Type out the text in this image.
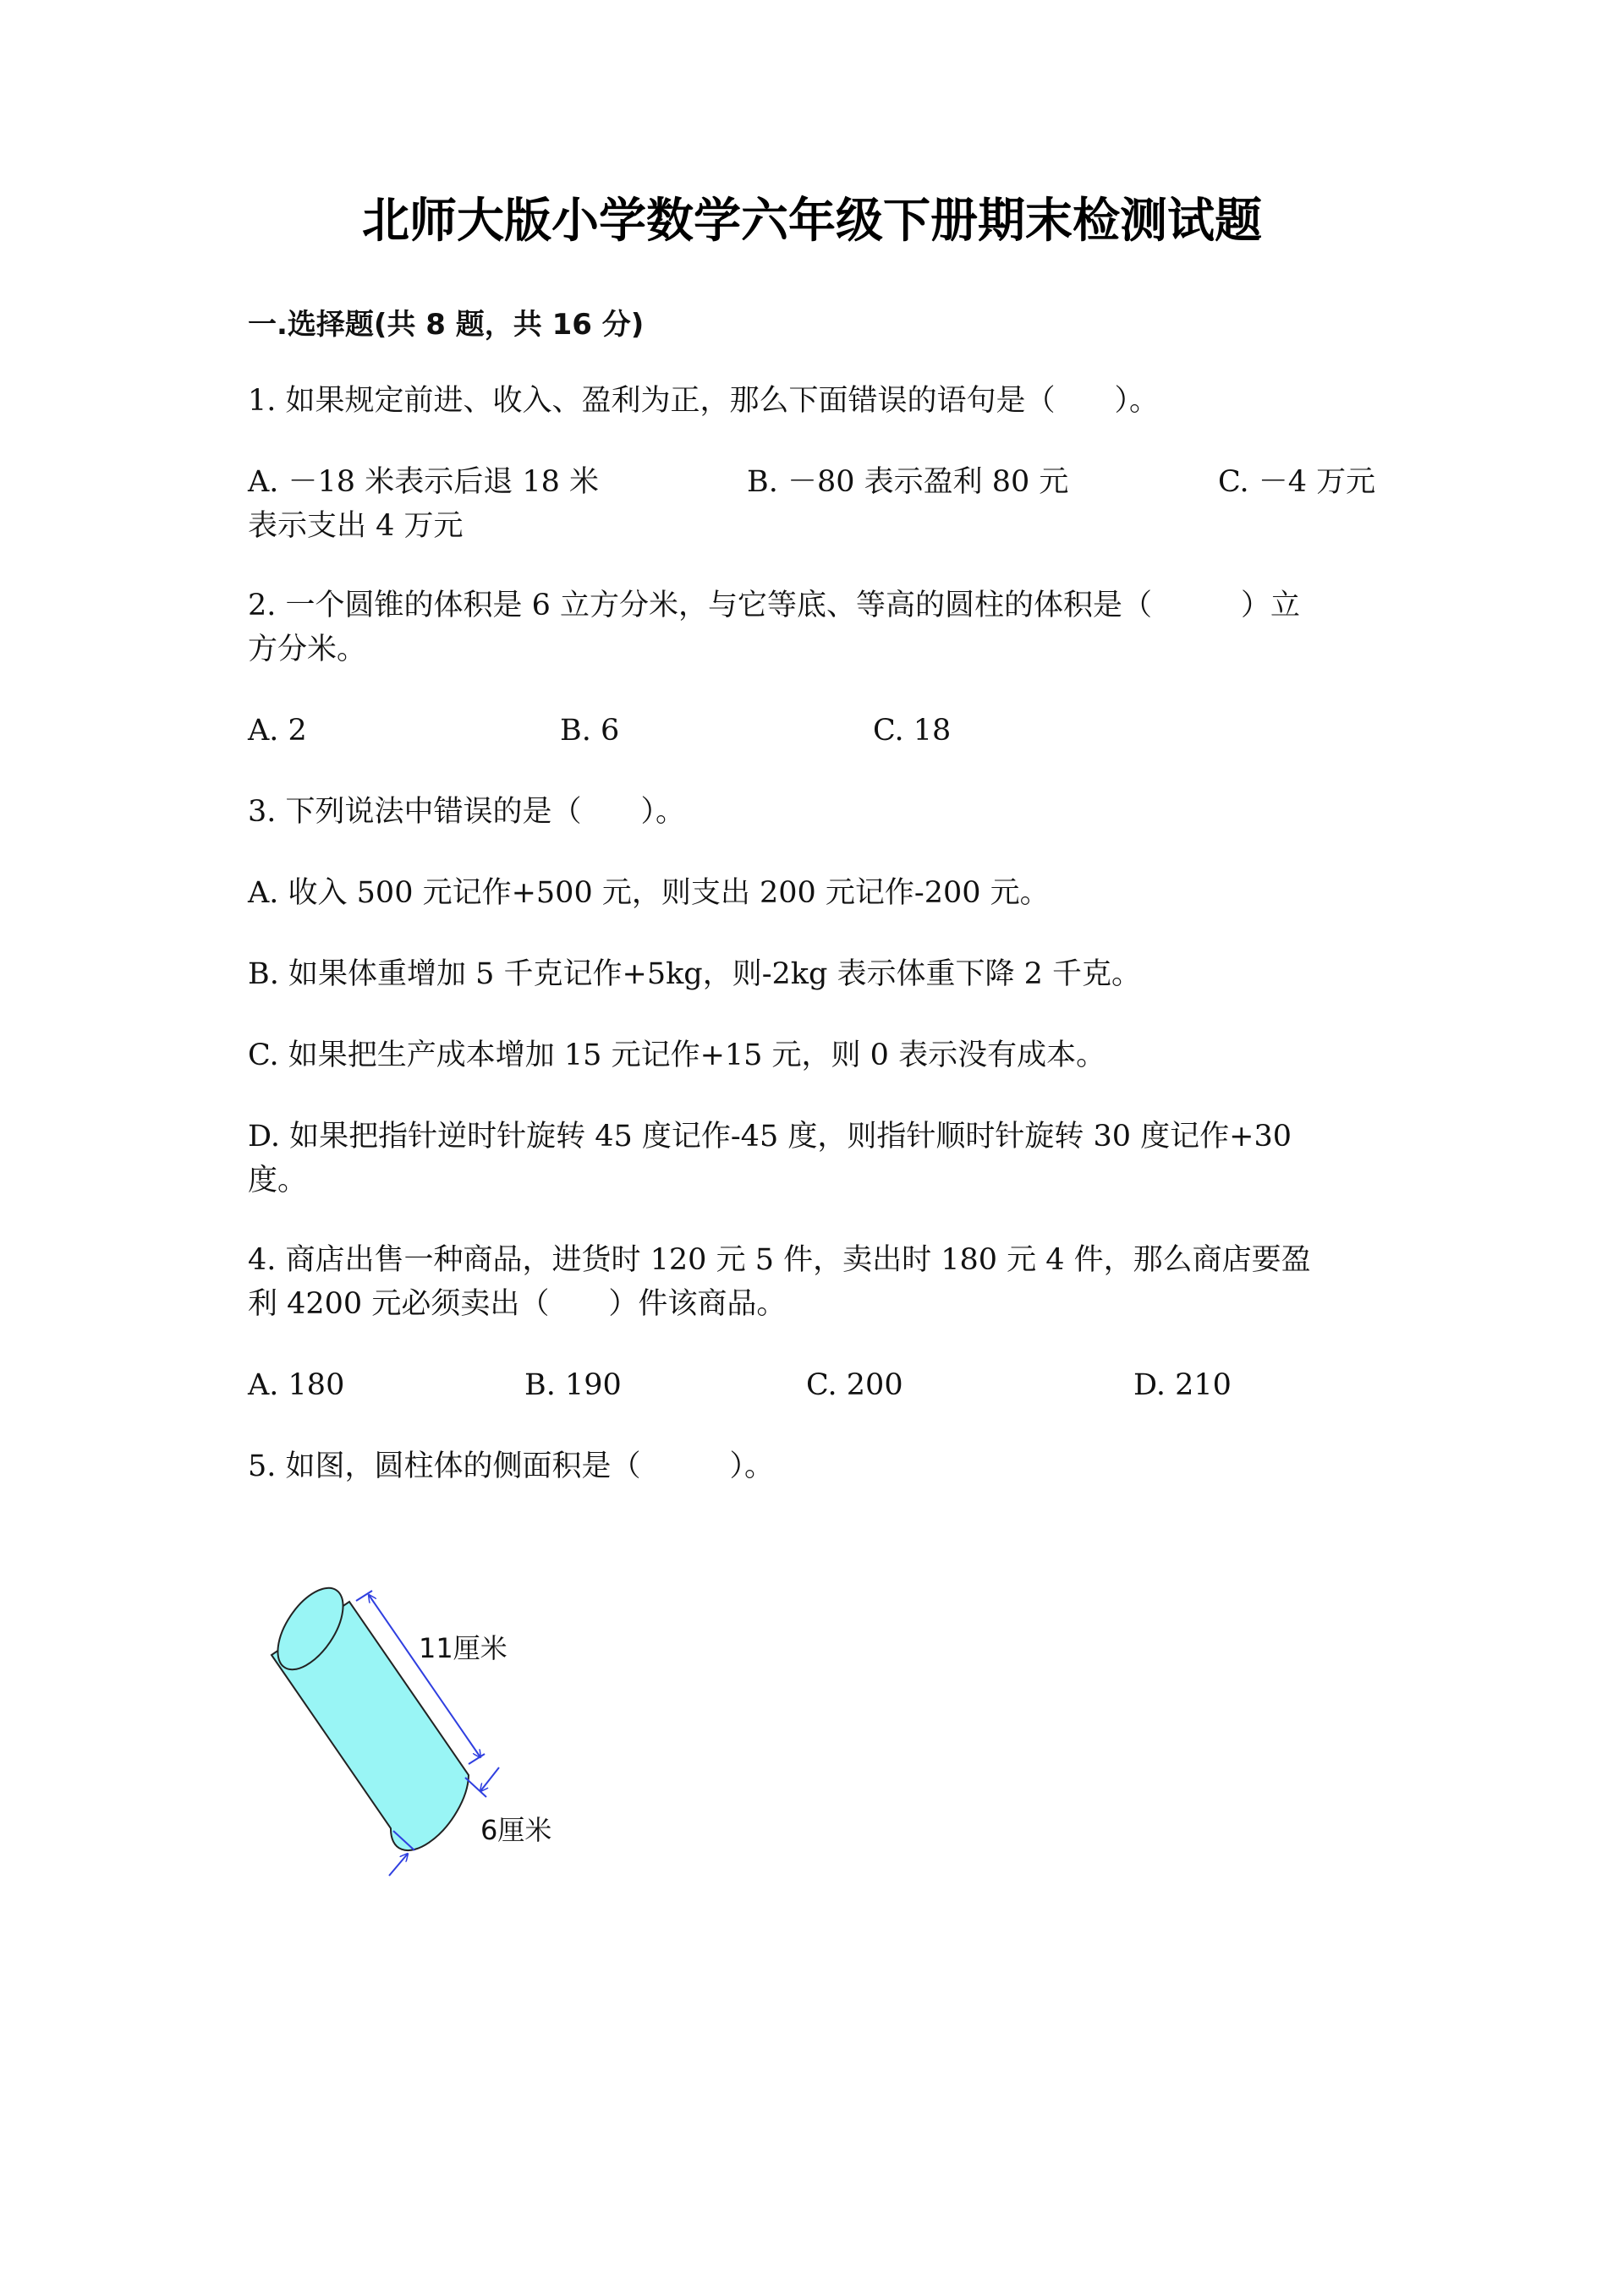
北师大版小学数学六年级下册期末检测试题
一.选择题(共 8 题，共 16 分)
1. 如果规定前进、收入、盈利为正，那么下面错误的语句是（　　）。
A. －18 米表示后退 18 米	B. －80 表示盈利 80 元	C. －4 万元
表示支出 4 万元
2. 一个圆锥的体积是 6 立方分米，与它等底、等高的圆柱的体积是（　　　）立
方分米。
A. 2	B. 6	C. 18
3. 下列说法中错误的是（　　）。
A. 收入 500 元记作+500 元，则支出 200 元记作-200 元。
B. 如果体重增加 5 千克记作+5kg，则-2kg 表示体重下降 2 千克。
C. 如果把生产成本增加 15 元记作+15 元，则 0 表示没有成本。
D. 如果把指针逆时针旋转 45 度记作-45 度，则指针顺时针旋转 30 度记作+30
度。
4. 商店出售一种商品，进货时 120 元 5 件，卖出时 180 元 4 件，那么商店要盈
利 4200 元必须卖出（　　）件该商品。
A. 180	B. 190	C. 200	D. 210
5. 如图，圆柱体的侧面积是（　　　）。
11厘米
6厘米
